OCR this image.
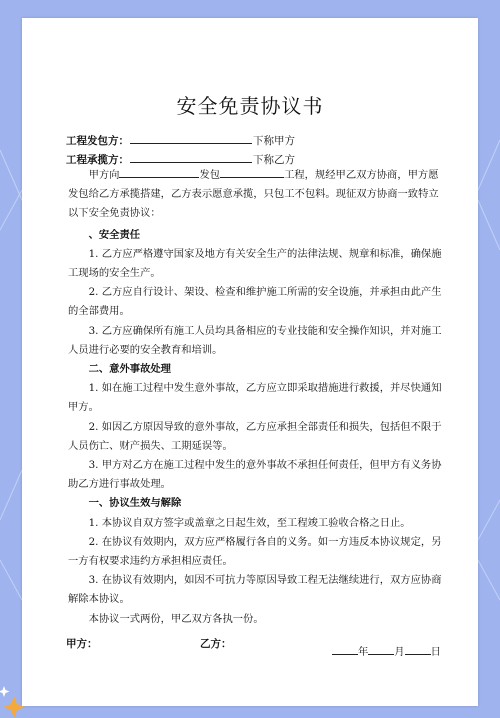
安全免责协议书
工程发包方：	下称甲方
工程承揽方：	下称乙方

甲方向	发包	工程，规经甲乙双方协商，甲方愿发包给乙方承揽搭建，乙方表示愿意承揽，只包工不包料。现征双方协商一致特立以下安全免责协议：

、安全责任

1. 乙方应严格遵守国家及地方有关安全生产的法律法规、规章和标准，确保施工现场的安全生产。

2. 乙方应自行设计、架设、检查和维护施工所需的安全设施，并承担由此产生的全部费用。

3. 乙方应确保所有施工人员均具备相应的专业技能和安全操作知识，并对施工人员进行必要的安全教育和培训。

二、意外事故处理

1. 如在施工过程中发生意外事故，乙方应立即采取措施进行救援，并尽快通知甲方。

2. 如因乙方原因导致的意外事故，乙方应承担全部责任和损失，包括但不限于人员伤亡、财产损失、工期延误等。

3. 甲方对乙方在施工过程中发生的意外事故不承担任何责任，但甲方有义务协助乙方进行事故处理。

一、协议生效与解除

1. 本协议自双方签字或盖章之日起生效，至工程竣工验收合格之日止。

2. 在协议有效期内，双方应严格履行各自的义务。如一方违反本协议规定，另一方有权要求违约方承担相应责任。

3. 在协议有效期内，如因不可抗力等原因导致工程无法继续进行，双方应协商解除本协议。

本协议一式两份，甲乙双方各执一份。

甲方：	乙方：
年	月	日
